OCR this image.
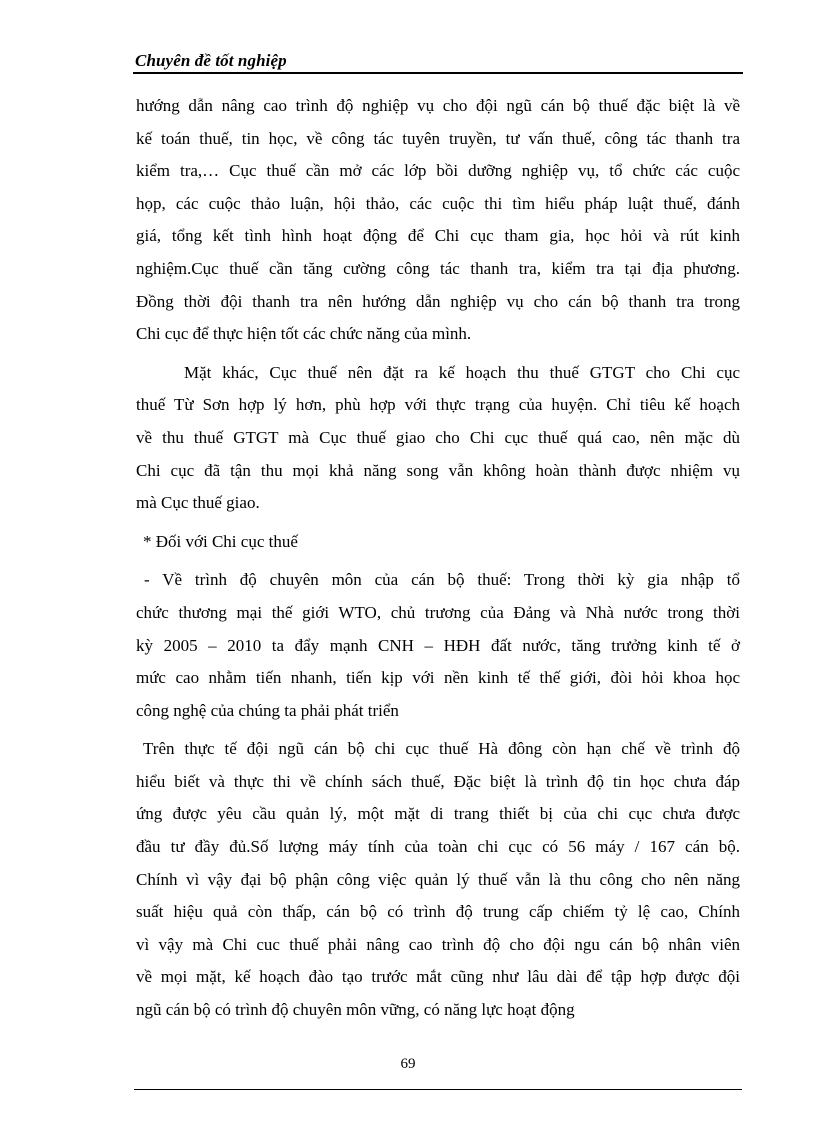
Chuyên đề tốt nghiệp
hướng dẫn nâng cao trình độ nghiệp vụ cho đội ngũ cán bộ thuế đặc biệt là về
kế toán thuế, tin học, về công tác tuyên truyền, tư vấn thuế, công tác thanh tra
kiểm tra,… Cục thuế cần mở các lớp bồi dưỡng nghiệp vụ, tổ chức các cuộc
họp, các cuộc thảo luận, hội thảo, các cuộc thi tìm hiểu pháp luật thuế, đánh
giá, tổng kết tình hình hoạt động để Chi cục tham gia, học hỏi và rút kinh
nghiệm.Cục thuế cần tăng cường công tác thanh tra, kiểm tra tại địa phương.
Đồng thời đội thanh tra nên hướng dẫn nghiệp vụ cho cán bộ thanh tra trong
Chi cục để thực hiện tốt các chức năng của mình.
Mặt khác, Cục thuế nên đặt ra kế hoạch thu thuế GTGT cho Chi cục
thuế Từ Sơn hợp lý hơn, phù hợp với thực trạng của huyện. Chỉ tiêu kế hoạch
về thu thuế GTGT mà Cục thuế giao cho Chi cục thuế quá cao, nên mặc dù
Chi cục đã tận thu mọi khả năng song vẫn không hoàn thành được nhiệm vụ
mà Cục thuế giao.
* Đối với Chi cục thuế
- Về trình độ chuyên môn của cán bộ thuế: Trong thời kỳ gia nhập tổ
chức thương mại thế giới WTO, chủ trương của Đảng và Nhà nước trong thời
kỳ 2005 – 2010 ta đẩy mạnh CNH – HĐH đất nước, tăng trưởng kinh tế ở
mức cao nhằm tiến nhanh, tiến kịp với nền kinh tế thế giới, đòi hỏi khoa học
công nghệ của chúng ta phải phát triển
Trên thực tế đội ngũ cán bộ chi cục thuế Hà đông còn hạn chế về trình độ
hiểu biết và thực thi về chính sách thuế, Đặc biệt là trình độ tin học chưa đáp
ứng được yêu cầu quản lý, một mặt di trang thiết bị của chi cục chưa được
đầu tư đầy đủ.Số lượng máy tính của toàn chi cục có 56 máy / 167 cán bộ.
Chính vì vậy đại bộ phận công việc quản lý thuế vẫn là thu công cho nên năng
suất hiệu quả còn thấp, cán bộ có trình độ trung cấp chiếm tỷ lệ cao, Chính
vì vậy mà Chi cuc thuế phải nâng cao trình độ cho đội ngu cán bộ nhân viên
về mọi mặt, kế hoạch đào tạo trước mắt cũng như lâu dài để tập hợp được đội
ngũ cán bộ có trình độ chuyên môn vững, có năng lực hoạt động
69
